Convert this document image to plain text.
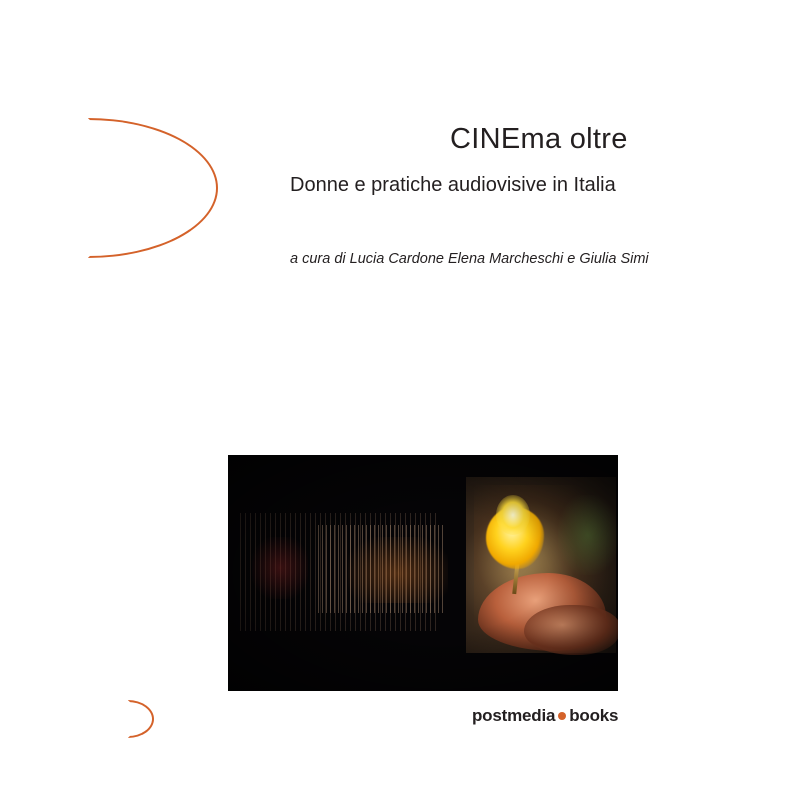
CINEma oltre
Donne e pratiche audiovisive in Italia
a cura di Lucia Cardone Elena Marcheschi e Giulia Simi
postmedia books
